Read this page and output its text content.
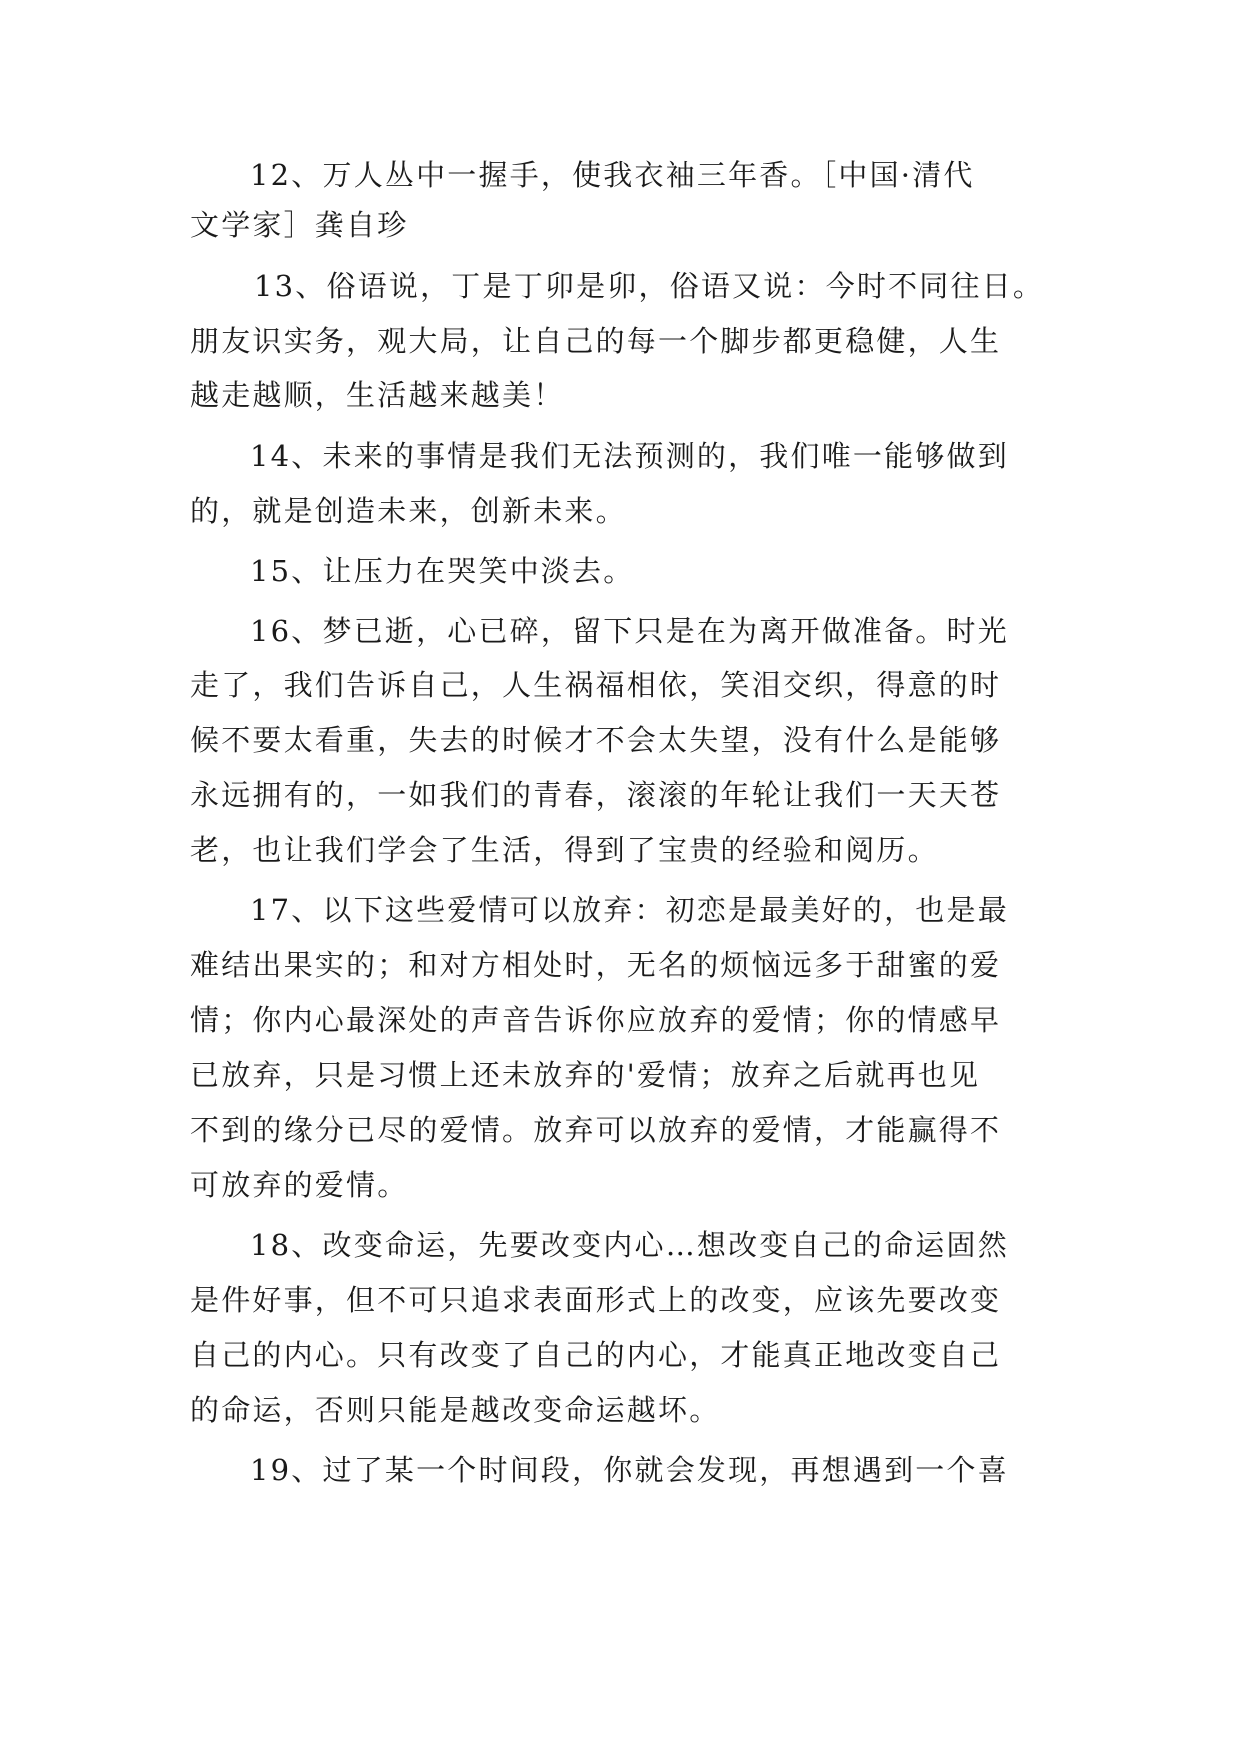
12、万人丛中一握手，使我衣袖三年香。［中国·清代
文学家］龚自珍
13、俗语说，丁是丁卯是卯，俗语又说：今时不同往日。
朋友识实务，观大局，让自己的每一个脚步都更稳健，人生
越走越顺，生活越来越美！
14、未来的事情是我们无法预测的，我们唯一能够做到
的，就是创造未来，创新未来。
15、让压力在哭笑中淡去。
16、梦已逝，心已碎，留下只是在为离开做准备。时光
走了，我们告诉自己，人生祸福相依，笑泪交织，得意的时
候不要太看重，失去的时候才不会太失望，没有什么是能够
永远拥有的，一如我们的青春，滚滚的年轮让我们一天天苍
老，也让我们学会了生活，得到了宝贵的经验和阅历。
17、以下这些爱情可以放弃：初恋是最美好的，也是最
难结出果实的；和对方相处时，无名的烦恼远多于甜蜜的爱
情；你内心最深处的声音告诉你应放弃的爱情；你的情感早
已放弃，只是习惯上还未放弃的'爱情；放弃之后就再也见
不到的缘分已尽的爱情。放弃可以放弃的爱情，才能赢得不
可放弃的爱情。
18、改变命运，先要改变内心…想改变自己的命运固然
是件好事，但不可只追求表面形式上的改变，应该先要改变
自己的内心。只有改变了自己的内心，才能真正地改变自己
的命运，否则只能是越改变命运越坏。
19、过了某一个时间段，你就会发现，再想遇到一个喜
